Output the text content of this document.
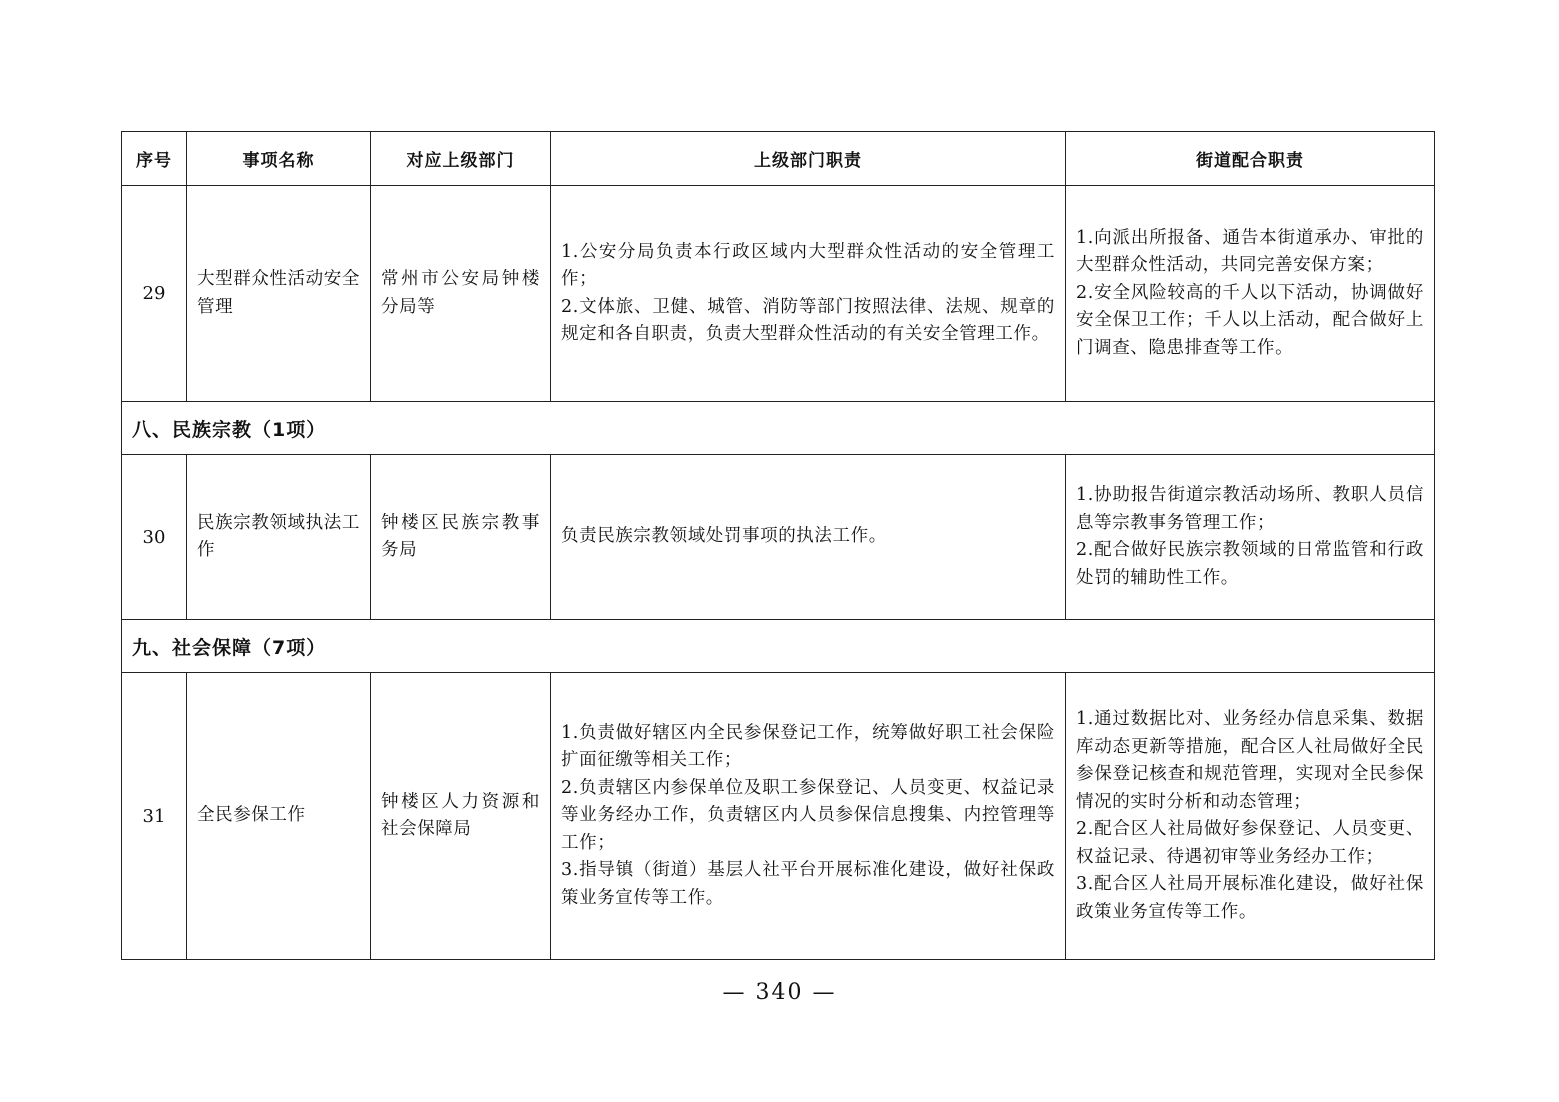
序号	事项名称	对应上级部门	上级部门职责	街道配合职责
29	大型群众性活动安全管理	常州市公安局钟楼分局等	1.公安分局负责本行政区域内大型群众性活动的安全管理工作；
2.文体旅、卫健、城管、消防等部门按照法律、法规、规章的规定和各自职责，负责大型群众性活动的有关安全管理工作。	1.向派出所报备、通告本街道承办、审批的大型群众性活动，共同完善安保方案；
2.安全风险较高的千人以下活动，协调做好安全保卫工作；千人以上活动，配合做好上门调查、隐患排查等工作。

八、民族宗教（1项）				
30	民族宗教领域执法工作	钟楼区民族宗教事务局	负责民族宗教领域处罚事项的执法工作。	1.协助报告街道宗教活动场所、教职人员信息等宗教事务管理工作；
2.配合做好民族宗教领域的日常监管和行政处罚的辅助性工作。

九、社会保障（7项）				
31	全民参保工作	钟楼区人力资源和社会保障局	1.负责做好辖区内全民参保登记工作，统筹做好职工社会保险扩面征缴等相关工作；
2.负责辖区内参保单位及职工参保登记、人员变更、权益记录等业务经办工作，负责辖区内人员参保信息搜集、内控管理等工作；
3.指导镇（街道）基层人社平台开展标准化建设，做好社保政策业务宣传等工作。	1.通过数据比对、业务经办信息采集、数据库动态更新等措施，配合区人社局做好全民参保登记核查和规范管理，实现对全民参保情况的实时分析和动态管理；
2.配合区人社局做好参保登记、人员变更、权益记录、待遇初审等业务经办工作；
3.配合区人社局开展标准化建设，做好社保政策业务宣传等工作。
— 340 —
